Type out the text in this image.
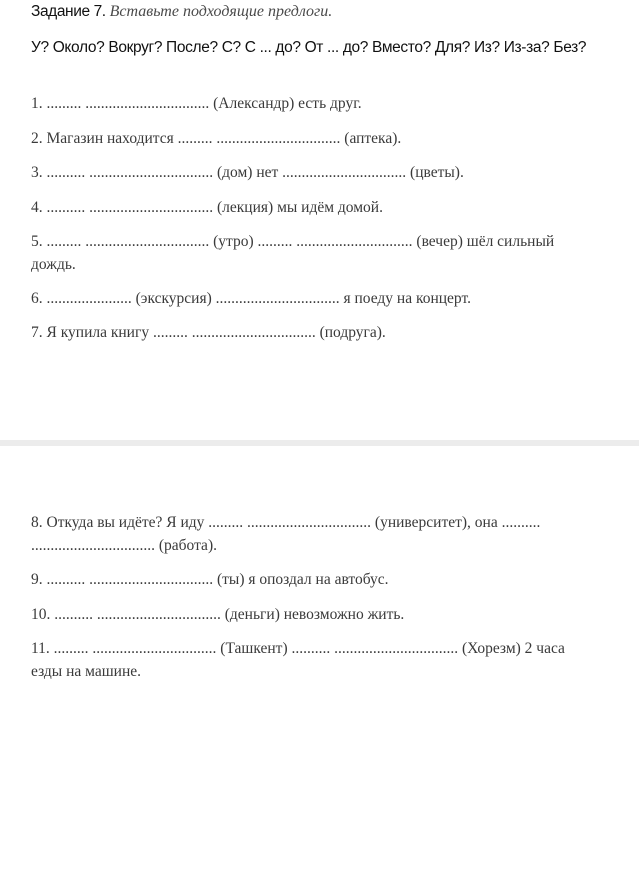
Задание 7. Вставьте подходящие предлоги.
У? Около? Вокруг? После? С? С ... до? От ... до? Вместо? Для? Из? Из-за? Без?
1. ......... ................................ (Александр) есть друг.
2. Магазин находится ......... ................................ (аптека).
3. .......... ................................ (дом) нет ................................ (цветы).
4. .......... ................................ (лекция) мы идём домой.
5. ......... ................................ (утро) ......... .............................. (вечер) шёл сильный дождь.
6. ...................... (экскурсия) ................................ я поеду на концерт.
7. Я купила книгу ......... ................................ (подруга).
8. Откуда вы идёте? Я иду ......... ................................ (университет), она .......... ................................ (работа).
9. .......... ................................ (ты) я опоздал на автобус.
10. .......... ................................ (деньги) невозможно жить.
11. ......... ................................ (Ташкент) .......... ................................ (Хорезм) 2 часа езды на машине.
